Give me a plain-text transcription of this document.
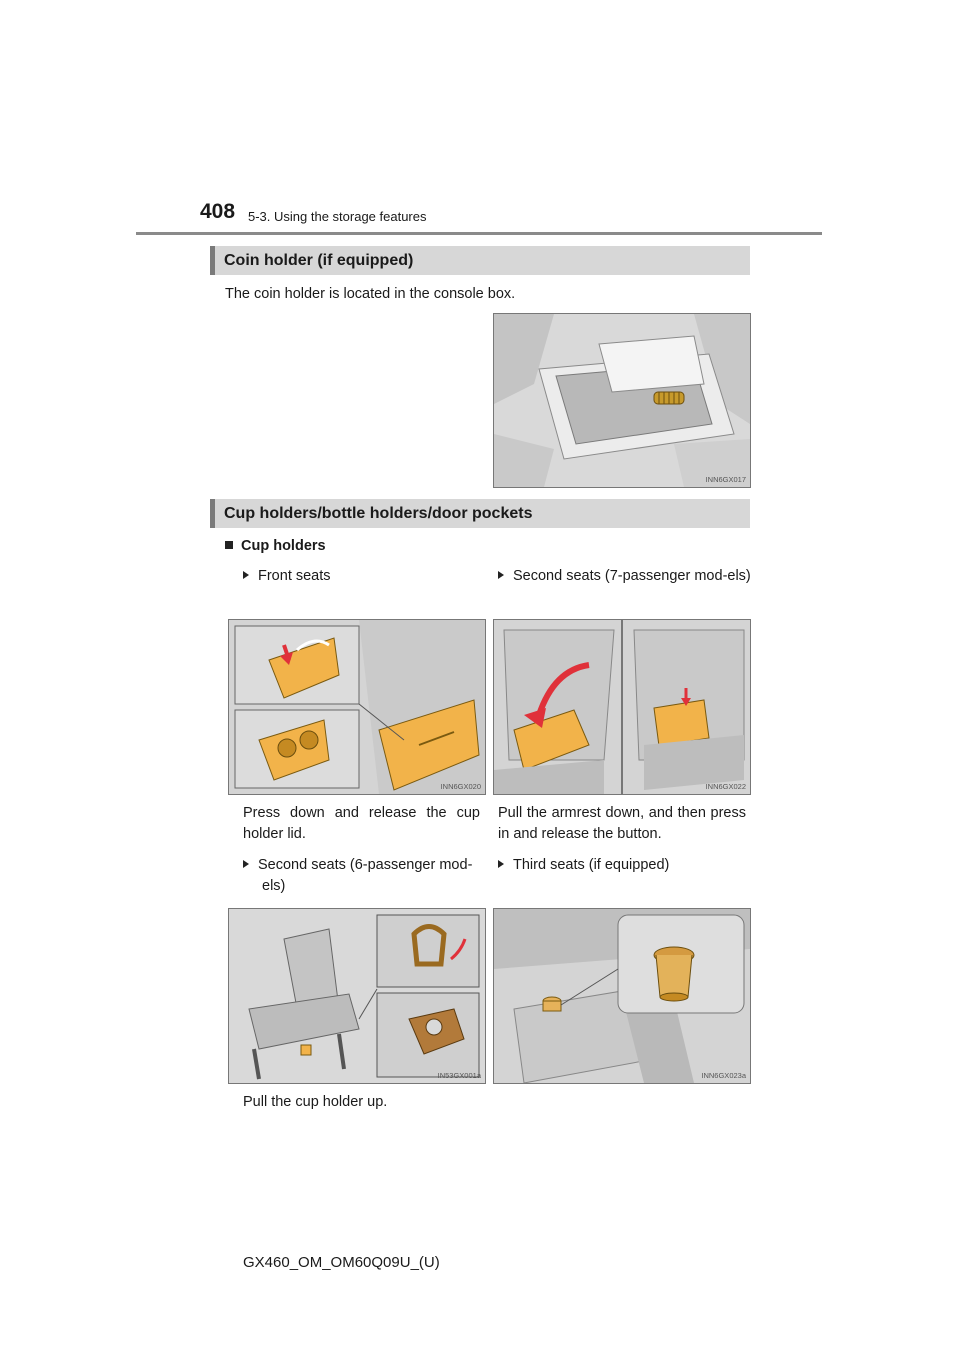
408 5-3. Using the storage features
Coin holder (if equipped)
The coin holder is located in the console box.
INN6GX017
Cup holders/bottle holders/door pockets
Cup holders
Front seats	Second seats (7-passenger mod-els)
INN6GX020	INN6GX022
Press down and release the cup holder lid.
Pull the armrest down, and then press in and release the button.
Second seats (6-passenger mod-els)
Third seats (if equipped)
IN53GX001a	INN6GX023a
Pull the cup holder up.
GX460_OM_OM60Q09U_(U)
